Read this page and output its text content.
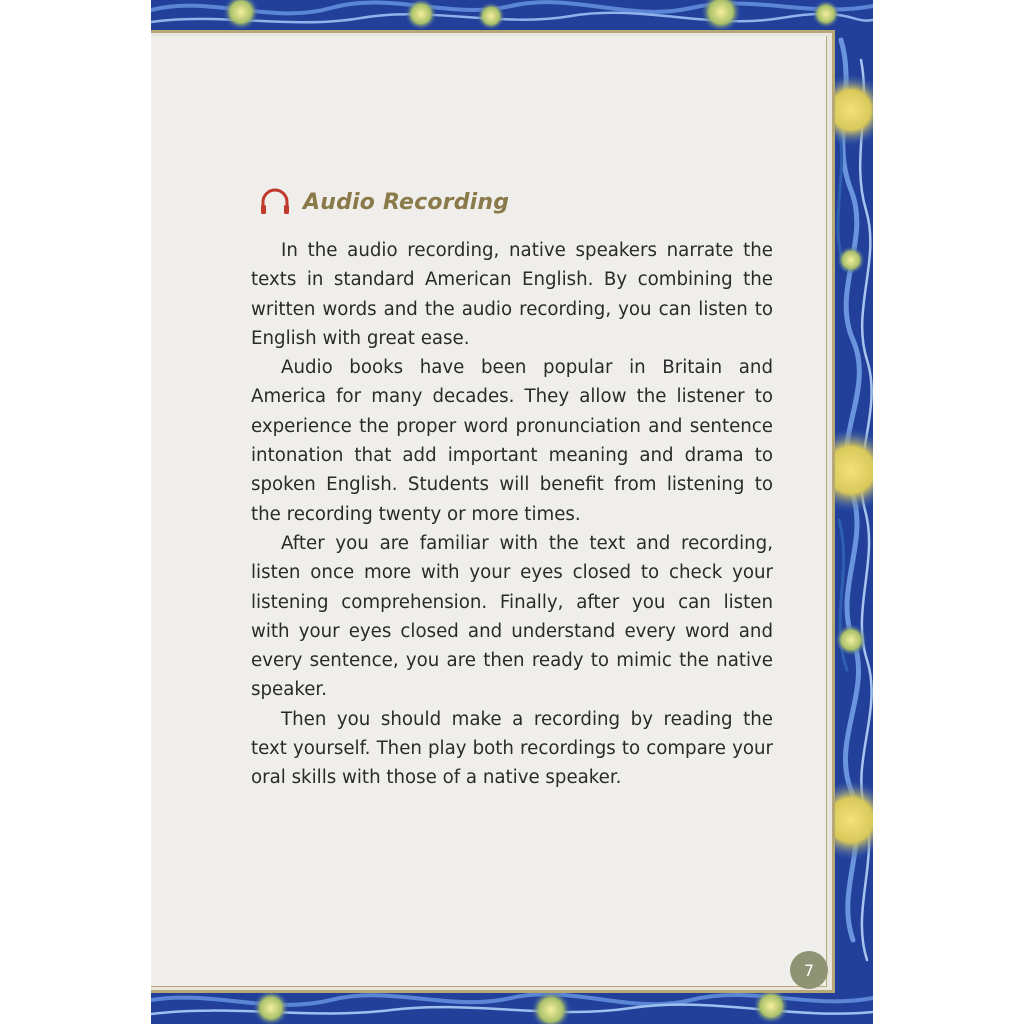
Audio Recording

In the audio recording, native speakers narrate the texts in standard American English. By combining the written words and the audio recording, you can listen to English with great ease.

Audio books have been popular in Britain and America for many decades. They allow the listener to experience the proper word pronunciation and sentence intonation that add important meaning and drama to spoken English. Students will benefit from listening to the recording twenty or more times.

After you are familiar with the text and recording, listen once more with your eyes closed to check your listening comprehension. Finally, after you can listen with your eyes closed and understand every word and every sentence, you are then ready to mimic the native speaker.

Then you should make a recording by reading the text yourself. Then play both recordings to compare your oral skills with those of a native speaker.

7
